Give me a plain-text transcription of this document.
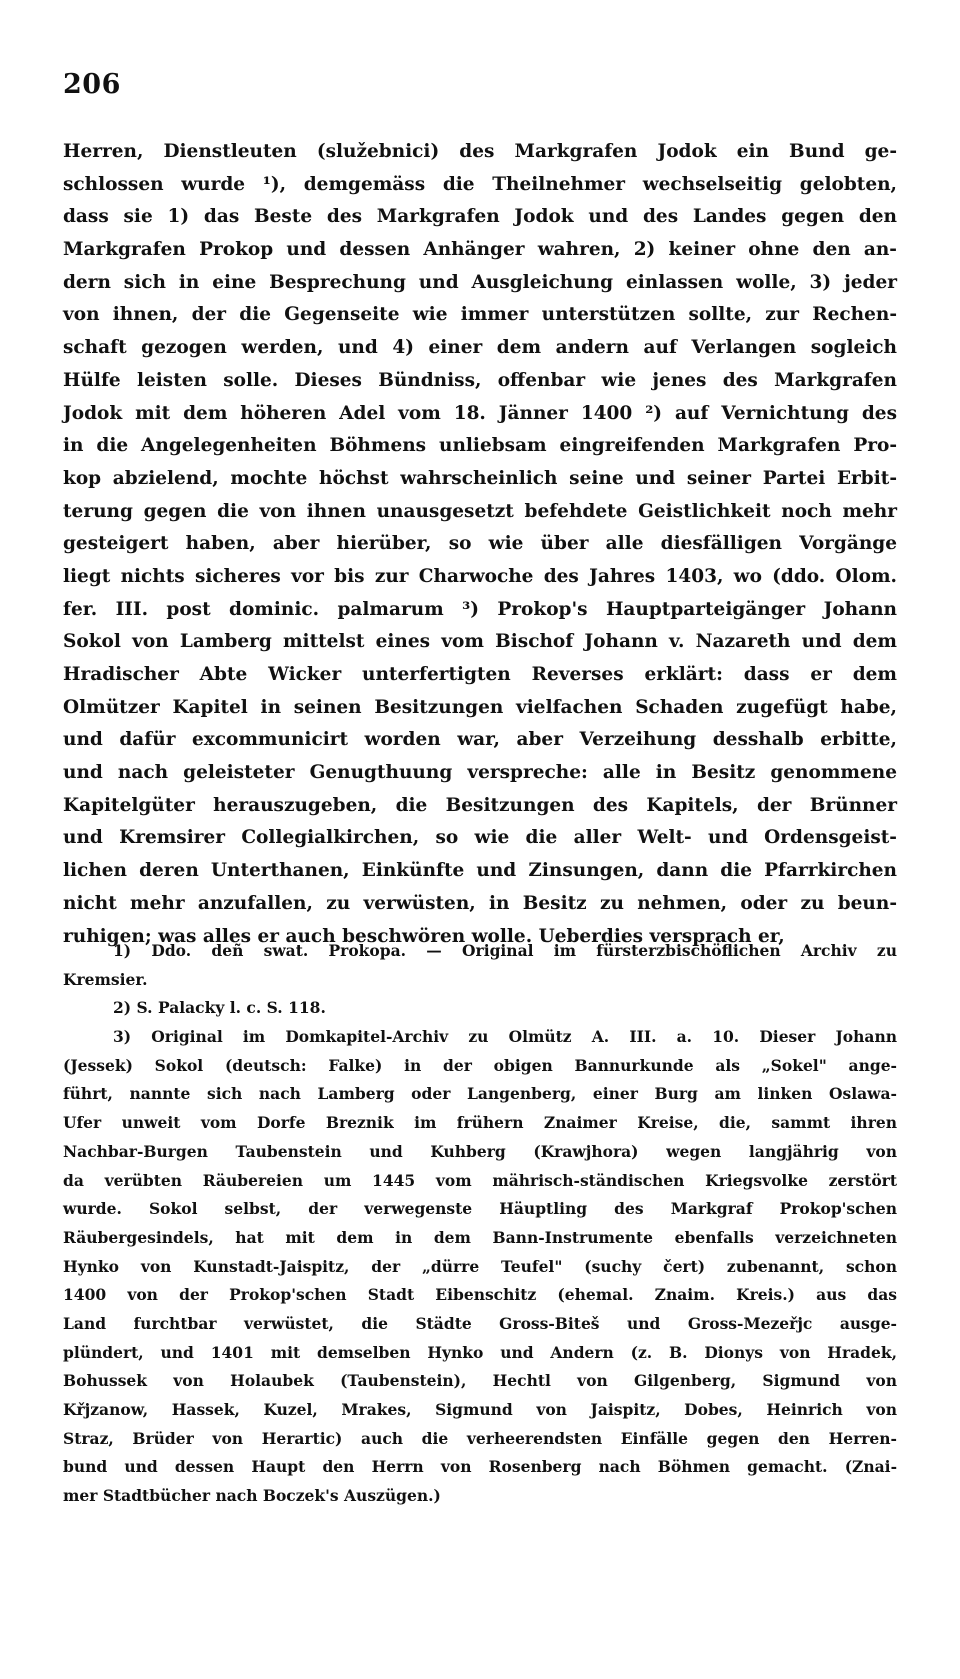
206
Herren, Dienstleuten (služebnici) des Markgrafen Jodok ein Bund ge-
schlossen wurde ¹), demgemäss die Theilnehmer wechselseitig gelobten,
dass sie 1) das Beste des Markgrafen Jodok und des Landes gegen den
Markgrafen Prokop und dessen Anhänger wahren, 2) keiner ohne den an-
dern sich in eine Besprechung und Ausgleichung einlassen wolle, 3) jeder
von ihnen, der die Gegenseite wie immer unterstützen sollte, zur Rechen-
schaft gezogen werden, und 4) einer dem andern auf Verlangen sogleich
Hülfe leisten solle. Dieses Bündniss, offenbar wie jenes des Markgrafen
Jodok mit dem höheren Adel vom 18. Jänner 1400 ²) auf Vernichtung des
in die Angelegenheiten Böhmens unliebsam eingreifenden Markgrafen Pro-
kop abzielend, mochte höchst wahrscheinlich seine und seiner Partei Erbit-
terung gegen die von ihnen unausgesetzt befehdete Geistlichkeit noch mehr
gesteigert haben, aber hierüber, so wie über alle diesfälligen Vorgänge
liegt nichts sicheres vor bis zur Charwoche des Jahres 1403, wo (ddo. Olom.
fer. III. post dominic. palmarum ³) Prokop's Hauptparteigänger Johann
Sokol von Lamberg mittelst eines vom Bischof Johann v. Nazareth und dem
Hradischer Abte Wicker unterfertigten Reverses erklärt: dass er dem
Olmützer Kapitel in seinen Besitzungen vielfachen Schaden zugefügt habe,
und dafür excommunicirt worden war, aber Verzeihung desshalb erbitte,
und nach geleisteter Genugthuung verspreche: alle in Besitz genommene
Kapitelgüter herauszugeben, die Besitzungen des Kapitels, der Brünner
und Kremsirer Collegialkirchen, so wie die aller Welt- und Ordensgeist-
lichen deren Unterthanen, Einkünfte und Zinsungen, dann die Pfarrkirchen
nicht mehr anzufallen, zu verwüsten, in Besitz zu nehmen, oder zu beun-
ruhigen; was alles er auch beschwören wolle. Ueberdies versprach er,
1) Ddo. deñ swat. Prokopa. — Original im fürsterzbischöflichen Archiv zu
Kremsier.
2) S. Palacky l. c. S. 118.
3) Original im Domkapitel-Archiv zu Olmütz A. III. a. 10. Dieser Johann
(Jessek) Sokol (deutsch: Falke) in der obigen Bannurkunde als „Sokel" ange-
führt, nannte sich nach Lamberg oder Langenberg, einer Burg am linken Oslawa-
Ufer unweit vom Dorfe Breznik im frühern Znaimer Kreise, die, sammt ihren
Nachbar-Burgen Taubenstein und Kuhberg (Krawjhora) wegen langjährig von
da verübten Räubereien um 1445 vom mährisch-ständischen Kriegsvolke zerstört
wurde. Sokol selbst, der verwegenste Häuptling des Markgraf Prokop'schen
Räubergesindels, hat mit dem in dem Bann-Instrumente ebenfalls verzeichneten
Hynko von Kunstadt-Jaispitz, der „dürre Teufel" (suchy čert) zubenannt, schon
1400 von der Prokop'schen Stadt Eibenschitz (ehemal. Znaim. Kreis.) aus das
Land furchtbar verwüstet, die Städte Gross-Biteš und Gross-Mezeřjc ausge-
plündert, und 1401 mit demselben Hynko und Andern (z. B. Dionys von Hradek,
Bohussek von Holaubek (Taubenstein), Hechtl von Gilgenberg, Sigmund von
Křjzanow, Hassek, Kuzel, Mrakes, Sigmund von Jaispitz, Dobes, Heinrich von
Straz, Brüder von Herartic) auch die verheerendsten Einfälle gegen den Herren-
bund und dessen Haupt den Herrn von Rosenberg nach Böhmen gemacht. (Znai-
mer Stadtbücher nach Boczek's Auszügen.)
